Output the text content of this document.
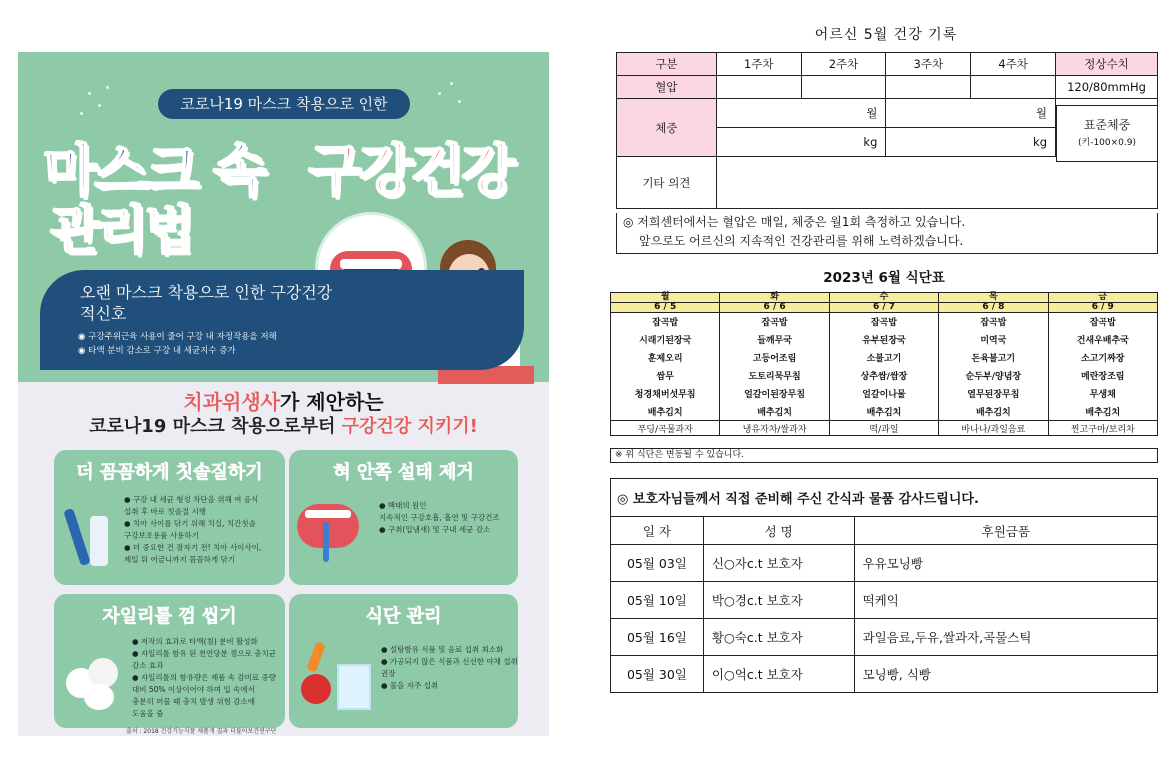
코로나19 마스크 착용으로 인한
마스크 속 구강건강
관리법
오랜 마스크 착용으로 인한 구강건강 적신호
◉ 구강주위근육 사용이 줄어 구강 내 자정작용을 저해
◉ 타액 분비 감소로 구강 내 세균지수 증가
치과위생사가 제안하는
코로나19 마스크 착용으로부터 구강건강 지키기!
더 꼼꼼하게 칫솔질하기
● 구강 내 세균 형성 차단을 위해 여 음식
섭취 후 바로 칫솔질 시행
● 치아 사이를 닦기 위해 치실, 치간칫솔
구강보조용품 사용하기
● 더 중요한 건 잠자기 전! 치아 사이사이,
제일 뒤 어금니까지 꼼꼼하게 닦기
혀 안쪽 설태 제거
● 백태의 원인
지속적인 구강호흡, 흡연 및 구강건조
● 구취(입냄새) 및 구내 세균 감소
자일리톨 껌 씹기
● 저작의 효과로 타액(침) 분비 활성화
● 자일리톨 함유 된 천연당분 껌으로 충치균
감소 효과
● 자일리톨의 함유량은 제품 속 감미료 중량
대비 50% 이상이어야 하며 입 속에서
충분히 머물 때 충치 발생 위험 감소에
도움을 줌
식단 관리
● 설탕함유 식품 및 음료 섭취 최소화
● 가공되지 않은 식품과 신선한 야채 섭취
권장
● 물을 자주 섭취
출처 : 2018 건강기능식품 제품개 결과 더불어보건연구단
어르신 5월 건강 기록
구분	1주차	2주차	3주차	4주차	정상수치
혈압					120/80mmHg
체중	월		월	
	kg		kg	
기타 의견					
표준체중
(키-100×0.9)
◎ 저희센터에서는 혈압은 매일, 체중은 월1회 측정하고 있습니다.
앞으로도 어르신의 지속적인 건강관리를 위해 노력하겠습니다.
2023년 6월 식단표
월	화	수	목	금
6 / 5	6 / 6	6 / 7	6 / 8	6 / 9
잡곡밥	잡곡밥	잡곡밥	잡곡밥	잡곡밥
시래기된장국	들깨무국	유부된장국	미역국	건새우배추국
훈제오리	고등어조림	소불고기	돈육불고기	소고기짜장
쌈무	도토리묵무침	상추쌈/쌈장	순두부/양념장	메란장조림
청경채버섯무침	얼갈이된장무침	얼갈이나물	열무된장무침	무생채
배추김치	배추김치	배추김치	배추김치	배추김치
푸딩/곡물과자	냉유자차/쌀과자	떡/과일	바나나/과일음료	찐고구마/보리차
※ 위 식단은 변동될 수 있습니다.
◎ 보호자님들께서 직접 준비해 주신 간식과 물품 감사드립니다.		
일 자	성 명	후원금품
05월 03일	신○자c.t 보호자	우유모닝빵
05월 10일	박○경c.t 보호자	떡케익
05월 16일	황○숙c.t 보호자	과일음료,두유,쌀과자,곡물스틱
05월 30일	이○억c.t 보호자	모닝빵, 식빵
